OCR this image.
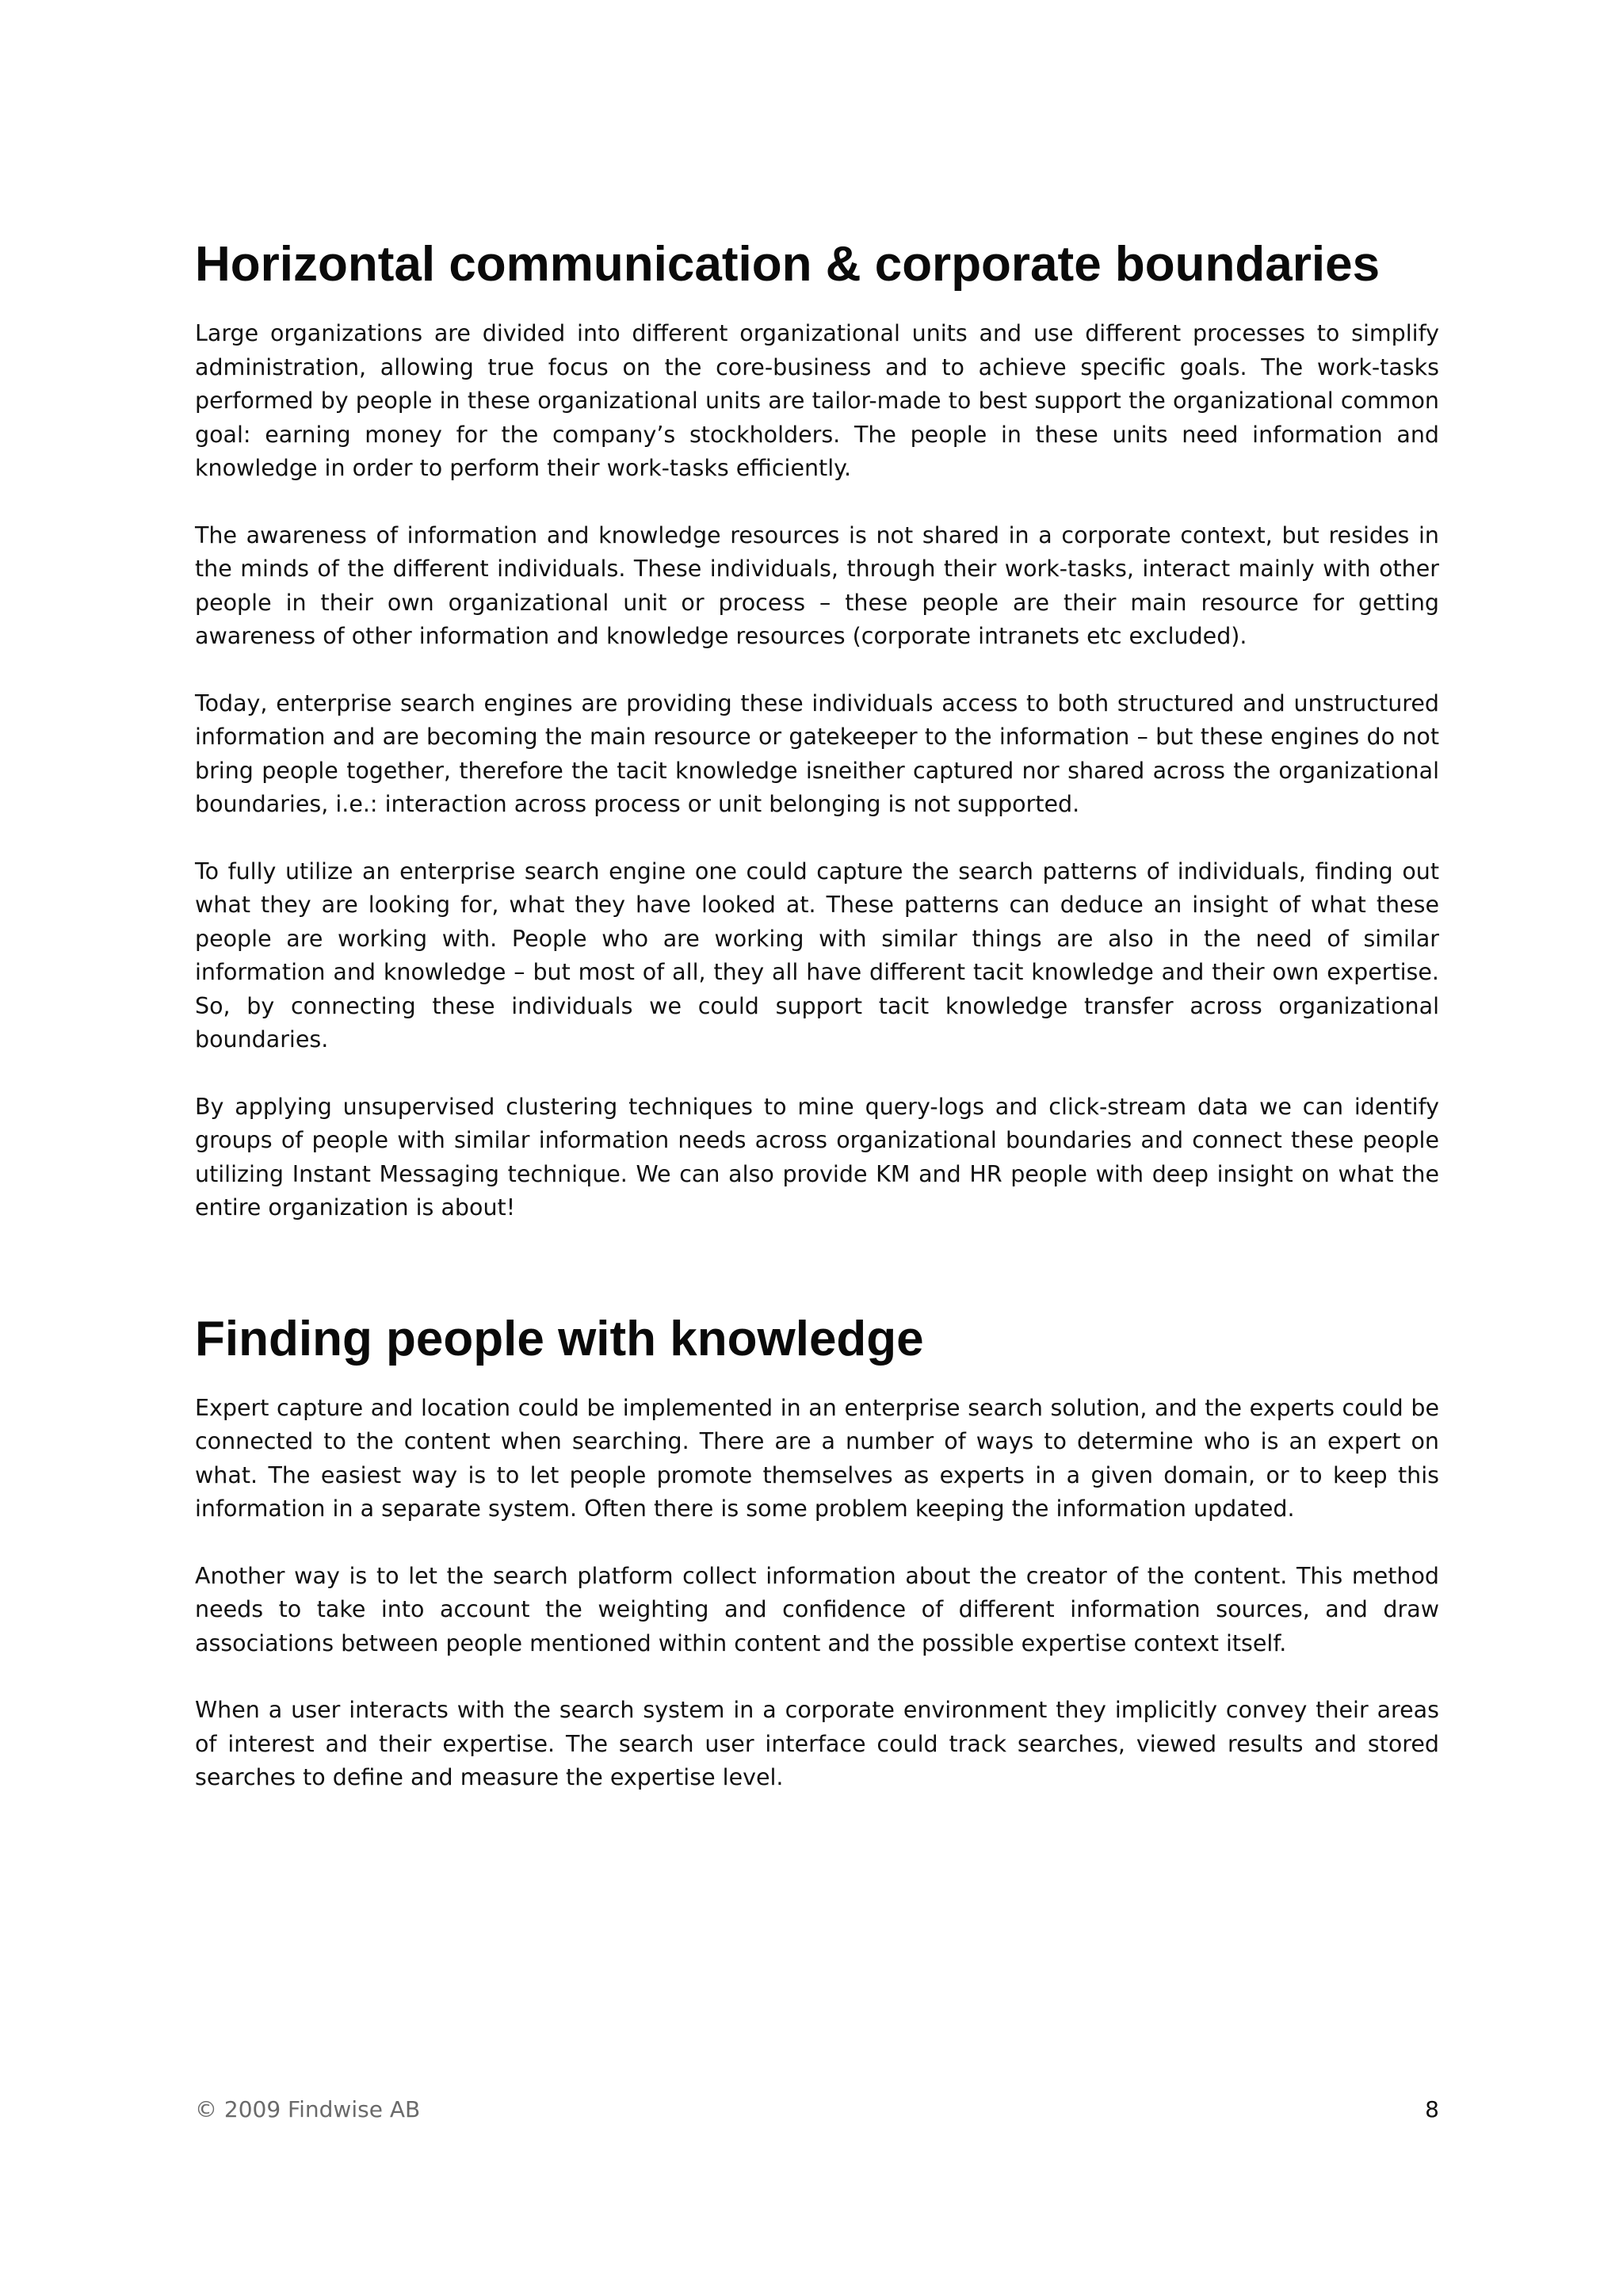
Horizontal communication & corporate boundaries

Large organizations are divided into different organizational units and use different processes to simplify administration, allowing true focus on the core-business and to achieve specific goals. The work-tasks performed by people in these organizational units are tailor-made to best support the organizational common goal: earning money for the company’s stockholders. The people in these units need information and knowledge in order to perform their work-tasks efficiently.

The awareness of information and knowledge resources is not shared in a corporate context, but resides in the minds of the different individuals. These individuals, through their work-tasks, interact mainly with other people in their own organizational unit or process – these people are their main resource for getting awareness of other information and knowledge resources (corporate intranets etc excluded).

Today, enterprise search engines are providing these individuals access to both structured and unstructured information and are becoming the main resource or gatekeeper to the information – but these engines do not bring people together, therefore the tacit knowledge isneither captured nor shared across the organizational boundaries, i.e.: interaction across process or unit belonging is not supported.

To fully utilize an enterprise search engine one could capture the search patterns of individuals, finding out what they are looking for, what they have looked at. These patterns can deduce an insight of what these people are working with. People who are working with similar things are also in the need of similar information and knowledge – but most of all, they all have different tacit knowledge and their own expertise. So, by connecting these individuals we could support tacit knowledge transfer across organizational boundaries.

By applying unsupervised clustering techniques to mine query-logs and click-stream data we can identify groups of people with similar information needs across organizational boundaries and connect these people utilizing Instant Messaging technique. We can also provide KM and HR people with deep insight on what the entire organization is about!

Finding people with knowledge

Expert capture and location could be implemented in an enterprise search solution, and the experts could be connected to the content when searching. There are a number of ways to determine who is an expert on what. The easiest way is to let people promote themselves as experts in a given domain, or to keep this information in a separate system. Often there is some problem keeping the information updated.

Another way is to let the search platform collect information about the creator of the content. This method needs to take into account the weighting and confidence of different information sources, and draw associations between people mentioned within content and the possible expertise context itself.

When a user interacts with the search system in a corporate environment they implicitly convey their areas of interest and their expertise. The search user interface could track searches, viewed results and stored searches to define and measure the expertise level.

© 2009 Findwise AB	8
